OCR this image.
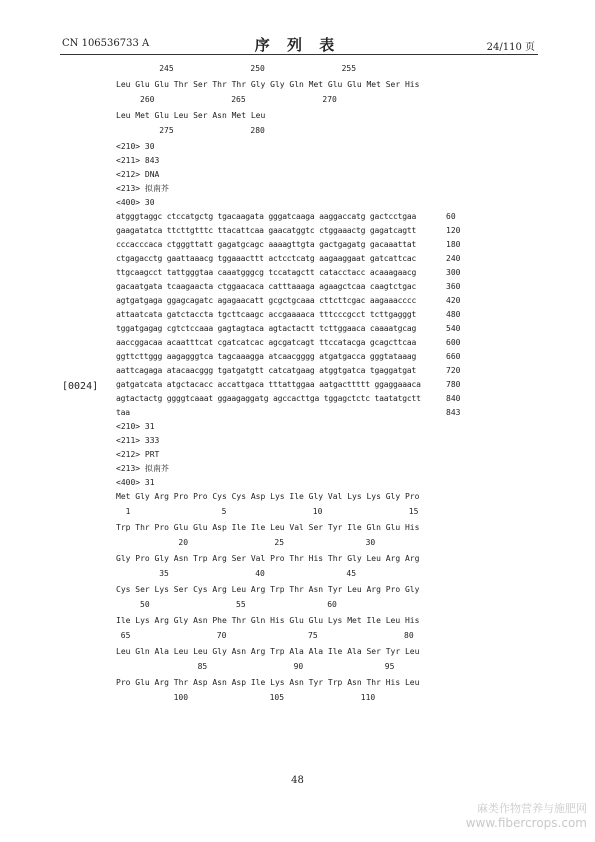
CN 106536733 A	序 列 表	24/110 页
[0024]
245	250	255
Leu Glu Glu Thr Ser Thr Thr Gly Gly Gln Met Glu Glu Met Ser His
260	265	270
Leu Met Glu Leu Ser Asn Met Leu
275	280
<210> 30
<211> 843
<212> DNA
<213> 拟南芥
<400> 30
atgggtaggc ctccatgctg tgacaagata gggatcaaga aaggaccatg gactcctgaa	60
gaagatatca ttcttgtttc ttacattcaa gaacatggtc ctggaaactg gagatcagtt	120
cccacccaca ctgggttatt gagatgcagc aaaagttgta gactgagatg gacaaattat	180
ctgagacctg gaattaaacg tggaaacttt actcctcatg aagaaggaat gatcattcac	240
ttgcaagcct tattgggtaa caaatgggcg tccatagctt catacctacc acaaagaacg	300
gacaatgata tcaagaacta ctggaacaca catttaaaga agaagctcaa caagtctgac	360
agtgatgaga ggagcagatc agagaacatt gcgctgcaaa cttcttcgac aagaaacccc	420
attaatcata gatctaccta tgcttcaagc accgaaaaca tttcccgcct tcttgagggt	480
tggatgagag cgtctccaaa gagtagtaca agtactactt tcttggaaca caaaatgcag	540
aaccggacaa acaatttcat cgatcatcac agcgatcagt ttccatacga gcagcttcaa	600
ggttcttggg aagagggtca tagcaaagga atcaacgggg atgatgacca gggtataaag	660
aattcagaga atacaacggg tgatgatgtt catcatgaag atggtgatca tgaggatgat	720
gatgatcata atgctacacc accattgaca tttattggaa aatgacttttt ggaggaaaca	780
agtactactg ggggtcaaat ggaagaggatg agccacttga tggagctctc taatatgctt	840
taa	843
<210> 31
<211> 333
<212> PRT
<213> 拟南芥
<400> 31
Met Gly Arg Pro Pro Cys Cys Asp Lys Ile Gly Val Lys Lys Gly Pro
1	5	10	15
Trp Thr Pro Glu Glu Asp Ile Ile Leu Val Ser Tyr Ile Gln Glu His
20	25	30
Gly Pro Gly Asn Trp Arg Ser Val Pro Thr His Thr Gly Leu Arg Arg
35	40	45
Cys Ser Lys Ser Cys Arg Leu Arg Trp Thr Asn Tyr Leu Arg Pro Gly
50	55	60
Ile Lys Arg Gly Asn Phe Thr Gln His Glu Glu Lys Met Ile Leu His
65	70	75	80
Leu Gln Ala Leu Leu Gly Asn Arg Trp Ala Ala Ile Ala Ser Tyr Leu
85	90	95
Pro Glu Arg Thr Asp Asn Asp Ile Lys Asn Tyr Trp Asn Thr His Leu
100	105	110
48
麻类作物营养与施肥网
www.fibercrops.com
